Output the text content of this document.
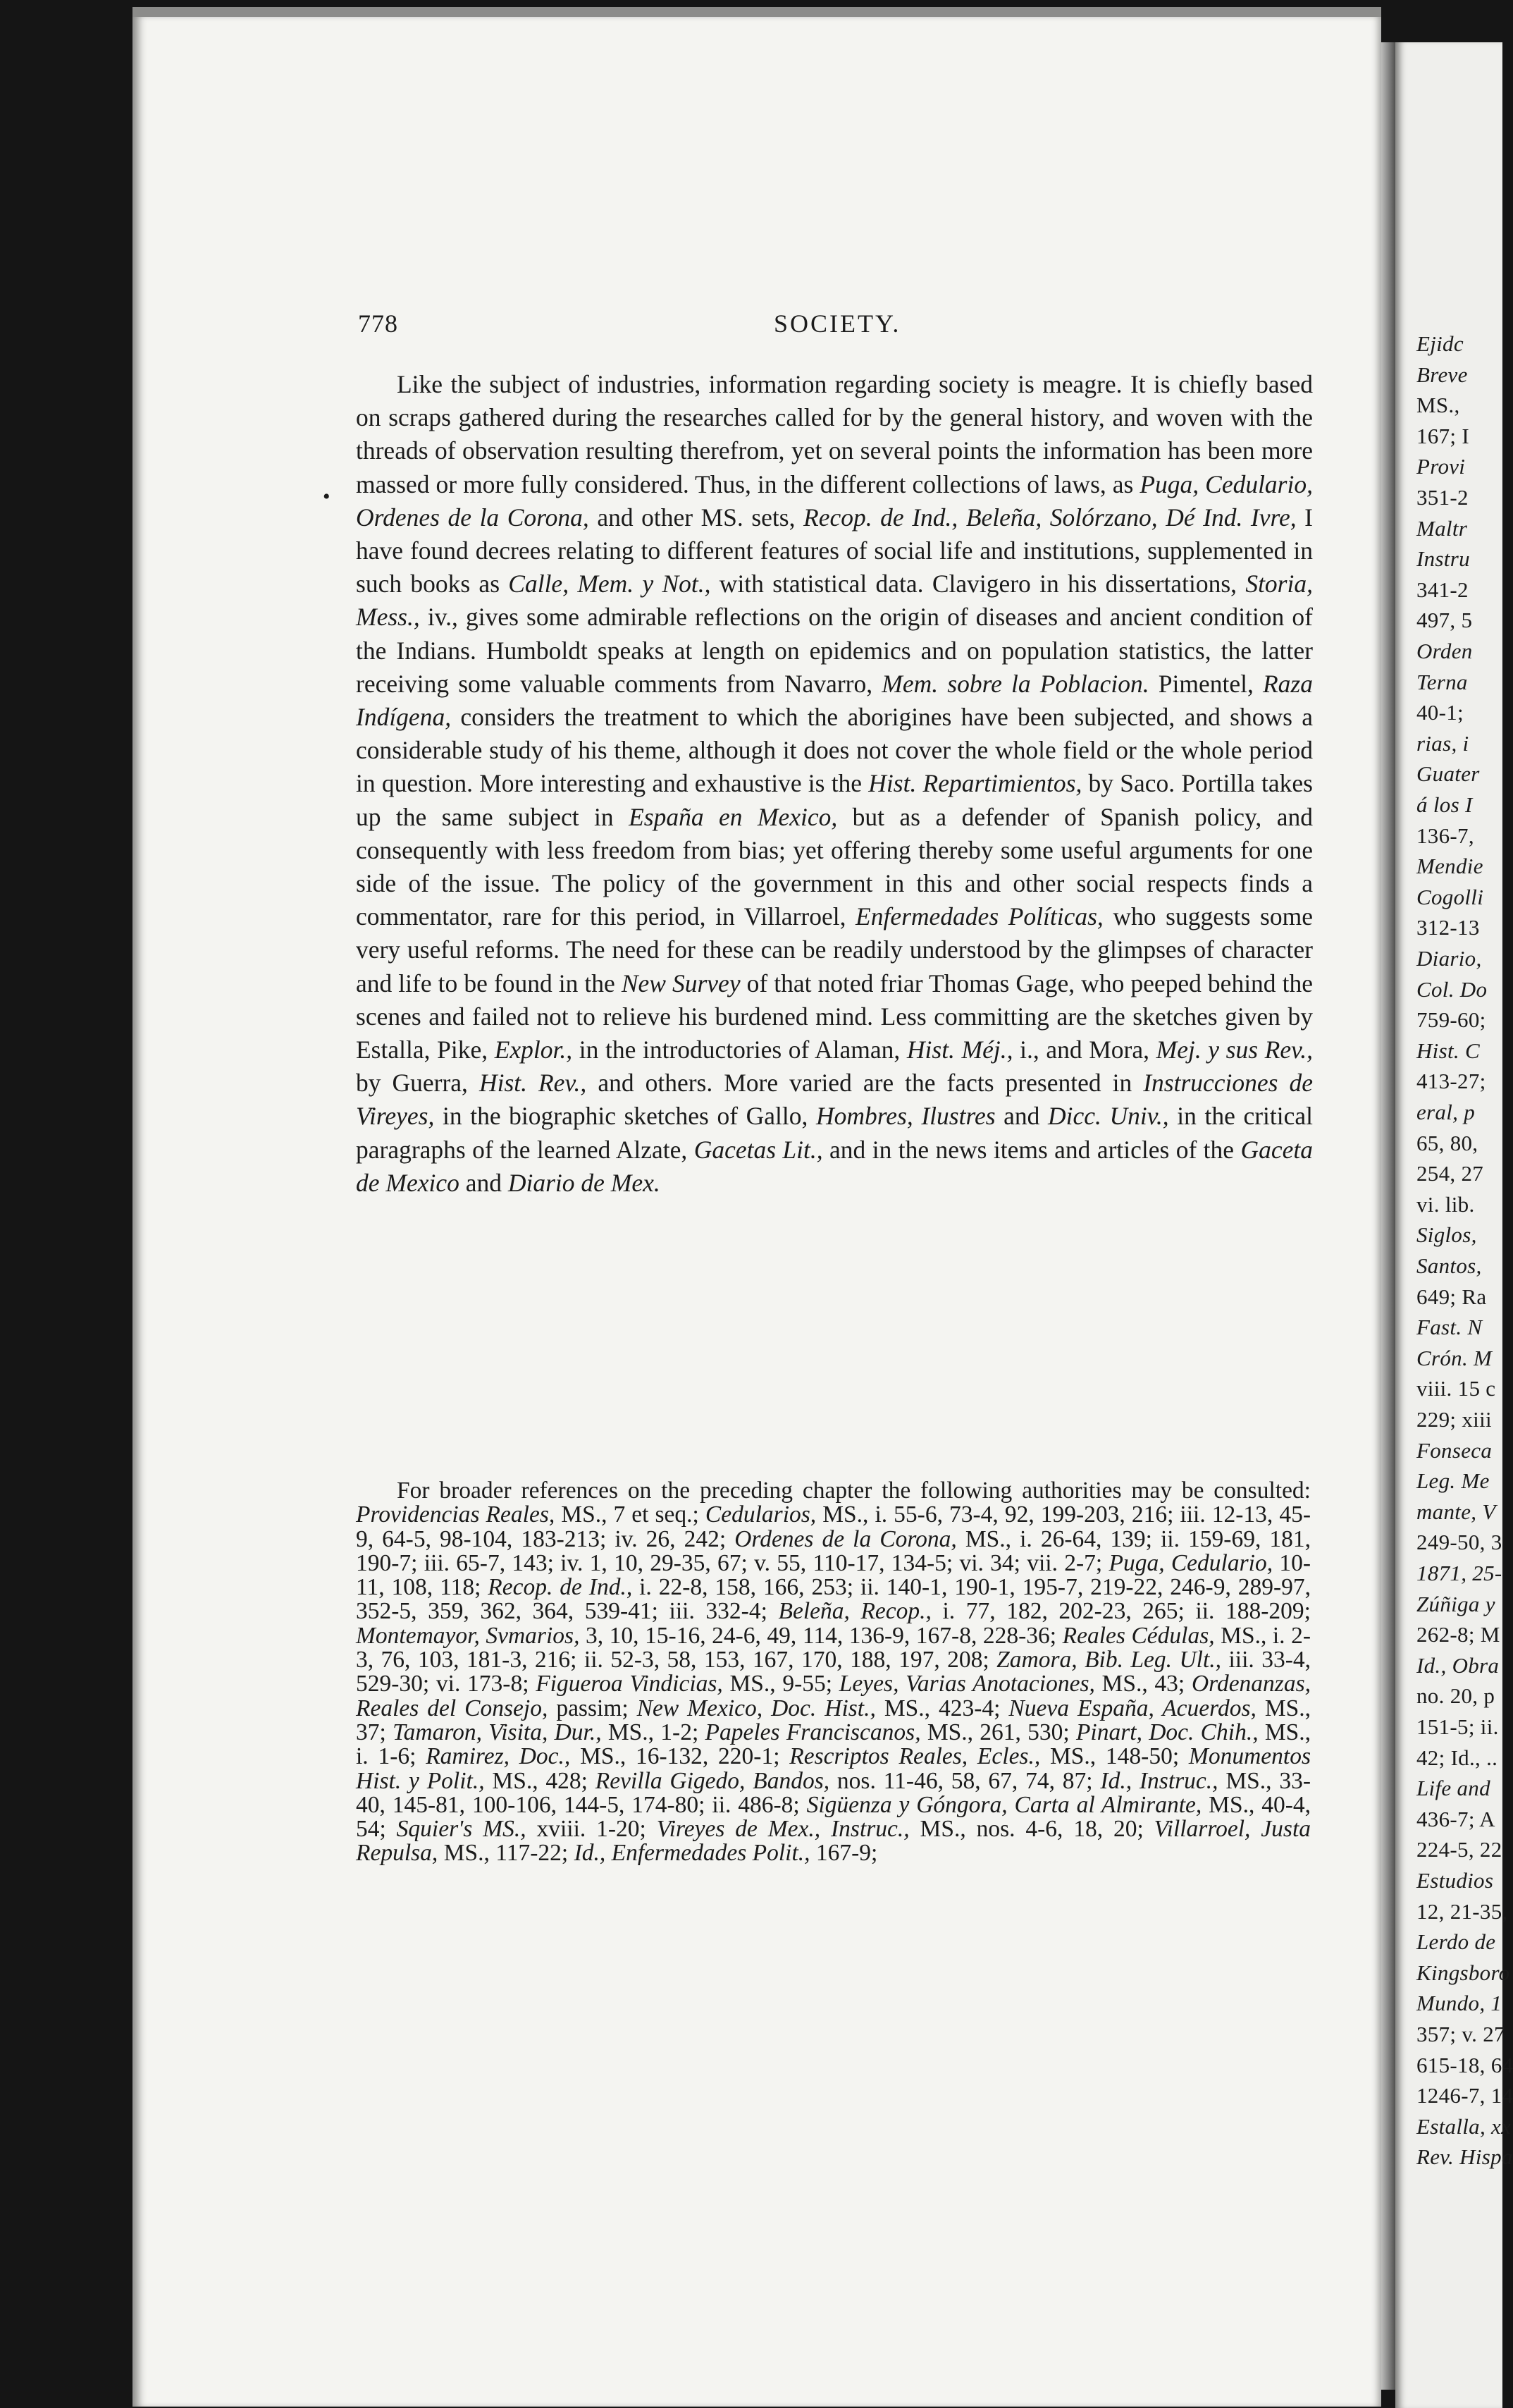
778	SOCIETY.
•

Like the subject of industries, information regarding society is meagre. It is chiefly based on scraps gathered during the researches called for by the general history, and woven with the threads of observation resulting therefrom, yet on several points the information has been more massed or more fully considered. Thus, in the different collections of laws, as Puga, Cedulario, Ordenes de la Corona, and other MS. sets, Recop. de Ind., Beleña, Solórzano, Dé Ind. Ivre, I have found decrees relating to different features of social life and institutions, supplemented in such books as Calle, Mem. y Not., with statistical data. Clavigero in his dissertations, Storia, Mess., iv., gives some admirable reflections on the origin of diseases and ancient condition of the Indians. Humboldt speaks at length on epidemics and on population statistics, the latter receiving some valuable comments from Navarro, Mem. sobre la Poblacion. Pimentel, Raza Indígena, considers the treatment to which the aborigines have been subjected, and shows a considerable study of his theme, although it does not cover the whole field or the whole period in question. More interesting and exhaustive is the Hist. Repartimientos, by Saco. Portilla takes up the same subject in España en Mexico, but as a defender of Spanish policy, and consequently with less freedom from bias; yet offering thereby some useful arguments for one side of the issue. The policy of the government in this and other social respects finds a commentator, rare for this period, in Villarroel, Enfermedades Políticas, who suggests some very useful reforms. The need for these can be readily understood by the glimpses of character and life to be found in the New Survey of that noted friar Thomas Gage, who peeped behind the scenes and failed not to relieve his burdened mind. Less committing are the sketches given by Estalla, Pike, Explor., in the introductories of Alaman, Hist. Méj., i., and Mora, Mej. y sus Rev., by Guerra, Hist. Rev., and others. More varied are the facts presented in Instrucciones de Vireyes, in the biographic sketches of Gallo, Hombres, Ilustres and Dicc. Univ., in the critical paragraphs of the learned Alzate, Gacetas Lit., and in the news items and articles of the Gaceta de Mexico and Diario de Mex.

For broader references on the preceding chapter the following authorities may be consulted: Providencias Reales, MS., 7 et seq.; Cedularios, MS., i. 55-6, 73-4, 92, 199-203, 216; iii. 12-13, 45-9, 64-5, 98-104, 183-213; iv. 26, 242; Ordenes de la Corona, MS., i. 26-64, 139; ii. 159-69, 181, 190-7; iii. 65-7, 143; iv. 1, 10, 29-35, 67; v. 55, 110-17, 134-5; vi. 34; vii. 2-7; Puga, Cedulario, 10-11, 108, 118; Recop. de Ind., i. 22-8, 158, 166, 253; ii. 140-1, 190-1, 195-7, 219-22, 246-9, 289-97, 352-5, 359, 362, 364, 539-41; iii. 332-4; Beleña, Recop., i. 77, 182, 202-23, 265; ii. 188-209; Montemayor, Svmarios, 3, 10, 15-16, 24-6, 49, 114, 136-9, 167-8, 228-36; Reales Cédulas, MS., i. 2-3, 76, 103, 181-3, 216; ii. 52-3, 58, 153, 167, 170, 188, 197, 208; Zamora, Bib. Leg. Ult., iii. 33-4, 529-30; vi. 173-8; Figueroa Vindicias, MS., 9-55; Leyes, Varias Anotaciones, MS., 43; Ordenanzas, Reales del Consejo, passim; New Mexico, Doc. Hist., MS., 423-4; Nueva España, Acuerdos, MS., 37; Tamaron, Visita, Dur., MS., 1-2; Papeles Franciscanos, MS., 261, 530; Pinart, Doc. Chih., MS., i. 1-6; Ramirez, Doc., MS., 16-132, 220-1; Rescriptos Reales, Ecles., MS., 148-50; Monumentos Hist. y Polit., MS., 428; Revilla Gigedo, Bandos, nos. 11-46, 58, 67, 74, 87; Id., Instruc., MS., 33-40, 145-81, 100-106, 144-5, 174-80; ii. 486-8; Sigüenza y Góngora, Carta al Almirante, MS., 40-4, 54; Squier's MS., xviii. 1-20; Vireyes de Mex., Instruc., MS., nos. 4-6, 18, 20; Villarroel, Justa Repulsa, MS., 117-22; Id., Enfermedades Polit., 167-9;

Ejidc
Breve
MS.,
167; I
Provi
351-2
Maltr
Instru
341-2
497, 5
Orden
Terna
40-1;
rias, i
Guater
á los I
136-7,
Mendie
Cogolli
312-13
Diario,
Col. Do
759-60;
Hist. C
413-27;
eral, p
65, 80,
254, 27
vi. lib.
Siglos,
Santos,
649; Ra
Fast. N
Crón. M
viii. 15 c
229; xiii
Fonseca
Leg. Me
mante, V
249-50, 3
1871, 25-
Zúñiga y
262-8; M
Id., Obra
no. 20, p
151-5; ii.
42; Id., ..
Life and
436-7; A
224-5, 22
Estudios
12, 21-35,
Lerdo de
Kingsboro
Mundo, 1
357; v. 27
615-18, 64
1246-7, 14
Estalla, xx
Rev. Hispa
